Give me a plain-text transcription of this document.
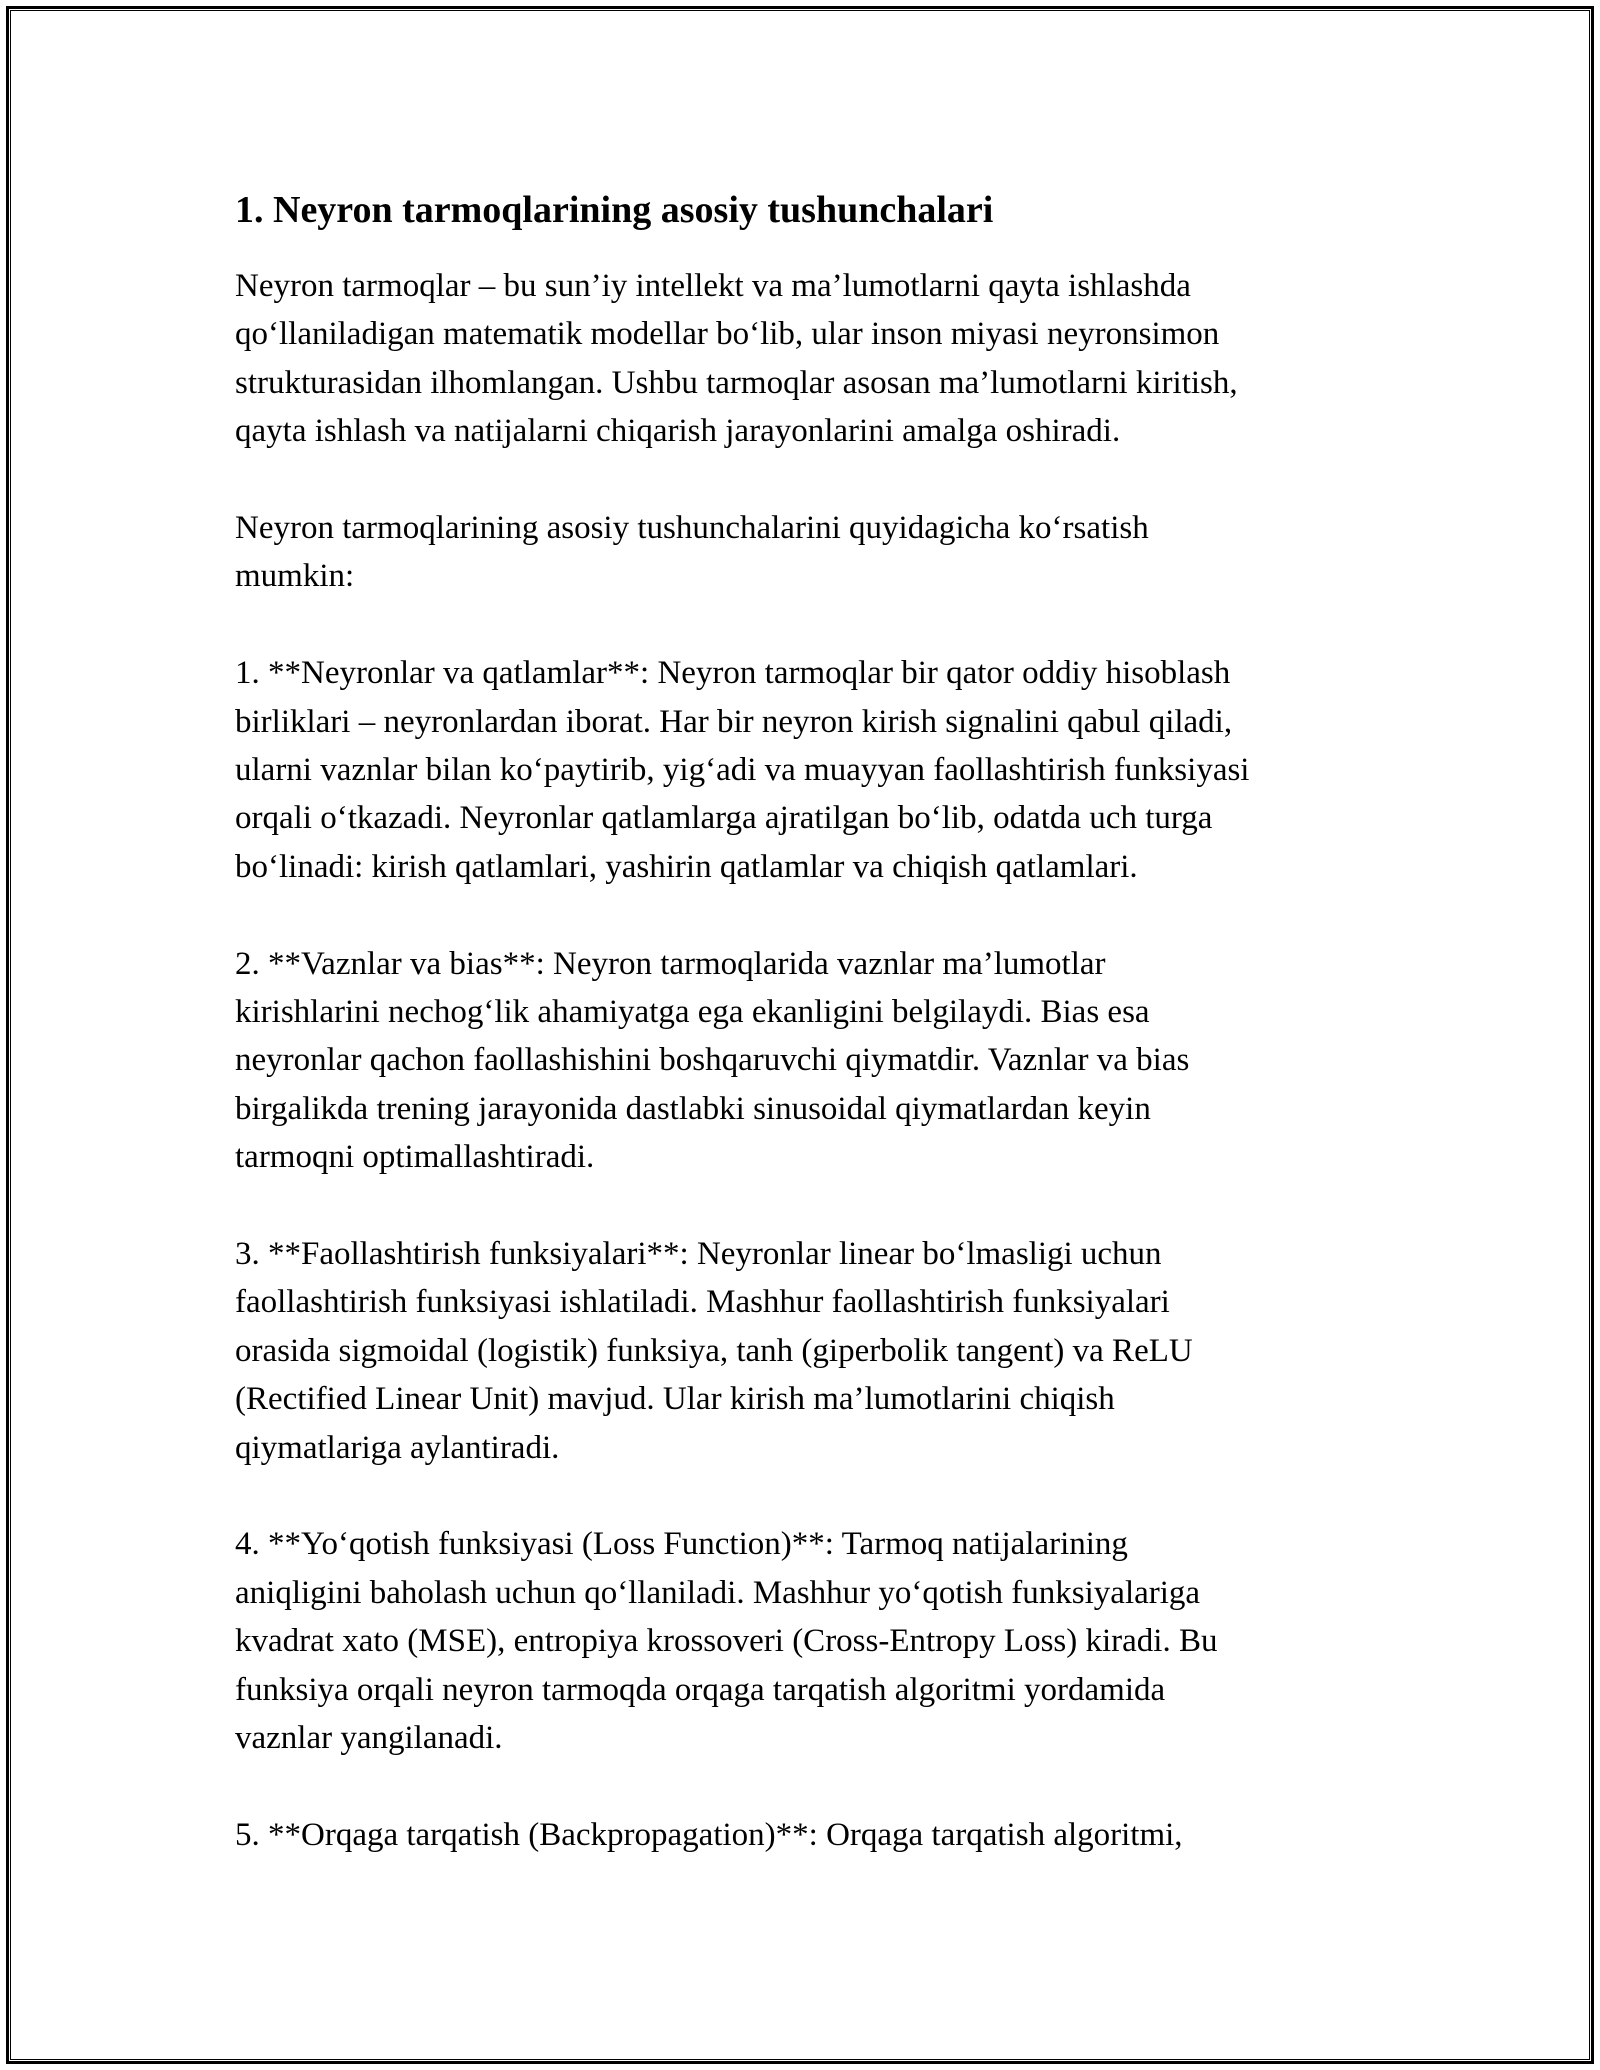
1. Neyron tarmoqlarining asosiy tushunchalari
Neyron tarmoqlar – bu sun’iy intellekt va ma’lumotlarni qayta ishlashda
qo‘llaniladigan matematik modellar bo‘lib, ular inson miyasi neyronsimon
strukturasidan ilhomlangan. Ushbu tarmoqlar asosan ma’lumotlarni kiritish,
qayta ishlash va natijalarni chiqarish jarayonlarini amalga oshiradi.
Neyron tarmoqlarining asosiy tushunchalarini quyidagicha ko‘rsatish
mumkin:
1. **Neyronlar va qatlamlar**: Neyron tarmoqlar bir qator oddiy hisoblash
birliklari – neyronlardan iborat. Har bir neyron kirish signalini qabul qiladi,
ularni vaznlar bilan ko‘paytirib, yig‘adi va muayyan faollashtirish funksiyasi
orqali o‘tkazadi. Neyronlar qatlamlarga ajratilgan bo‘lib, odatda uch turga
bo‘linadi: kirish qatlamlari, yashirin qatlamlar va chiqish qatlamlari.
2. **Vaznlar va bias**: Neyron tarmoqlarida vaznlar ma’lumotlar
kirishlarini nechog‘lik ahamiyatga ega ekanligini belgilaydi. Bias esa
neyronlar qachon faollashishini boshqaruvchi qiymatdir. Vaznlar va bias
birgalikda trening jarayonida dastlabki sinusoidal qiymatlardan keyin
tarmoqni optimallashtiradi.
3. **Faollashtirish funksiyalari**: Neyronlar linear bo‘lmasligi uchun
faollashtirish funksiyasi ishlatiladi. Mashhur faollashtirish funksiyalari
orasida sigmoidal (logistik) funksiya, tanh (giperbolik tangent) va ReLU
(Rectified Linear Unit) mavjud. Ular kirish ma’lumotlarini chiqish
qiymatlariga aylantiradi.
4. **Yo‘qotish funksiyasi (Loss Function)**: Tarmoq natijalarining
aniqligini baholash uchun qo‘llaniladi. Mashhur yo‘qotish funksiyalariga
kvadrat xato (MSE), entropiya krossoveri (Cross-Entropy Loss) kiradi. Bu
funksiya orqali neyron tarmoqda orqaga tarqatish algoritmi yordamida
vaznlar yangilanadi.
5. **Orqaga tarqatish (Backpropagation)**: Orqaga tarqatish algoritmi,
